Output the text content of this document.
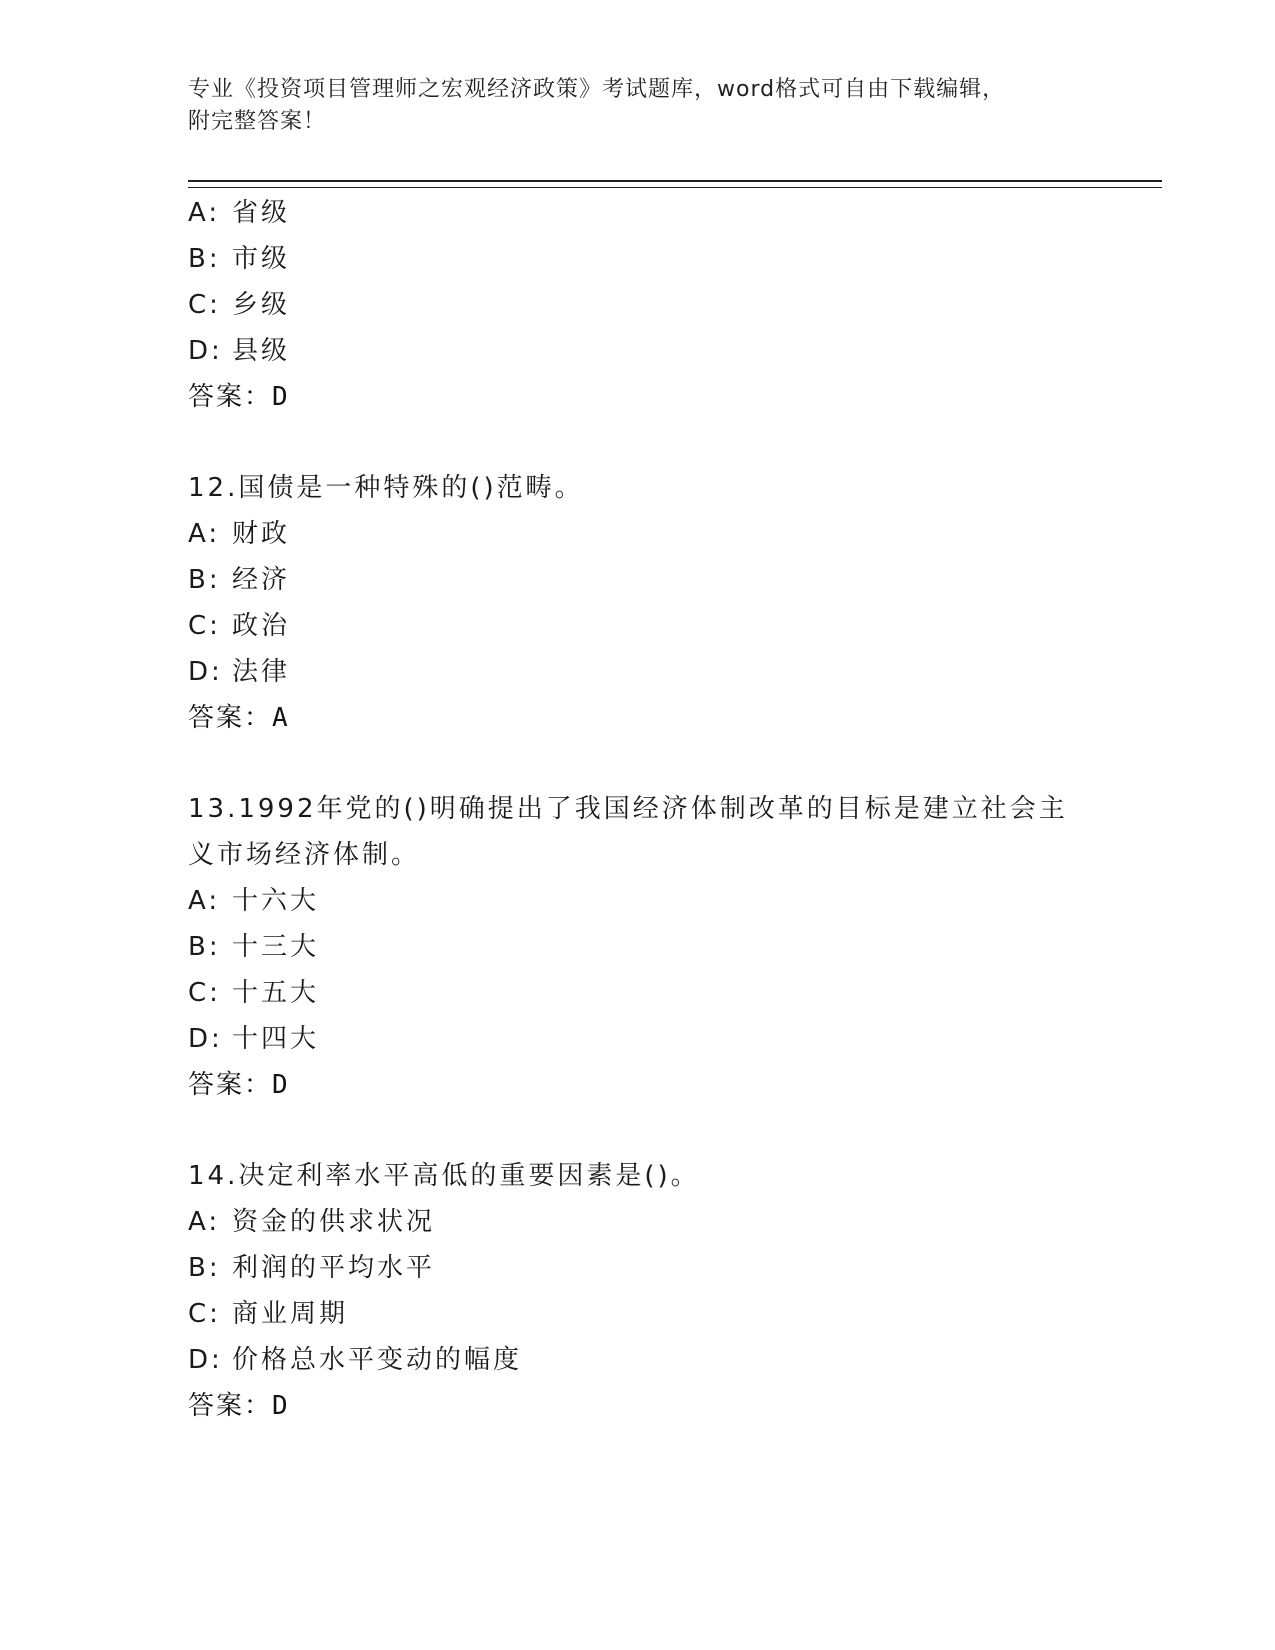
专业《投资项目管理师之宏观经济政策》考试题库，word格式可自由下载编辑，
附完整答案！
A: 省级
B: 市级
C: 乡级
D: 县级
答案：D
12.国债是一种特殊的()范畴。
A: 财政
B: 经济
C: 政治
D: 法律
答案：A
13.1992年党的()明确提出了我国经济体制改革的目标是建立社会主义市场经济体制。
A: 十六大
B: 十三大
C: 十五大
D: 十四大
答案：D
14.决定利率水平高低的重要因素是()。
A: 资金的供求状况
B: 利润的平均水平
C: 商业周期
D: 价格总水平变动的幅度
答案：D
